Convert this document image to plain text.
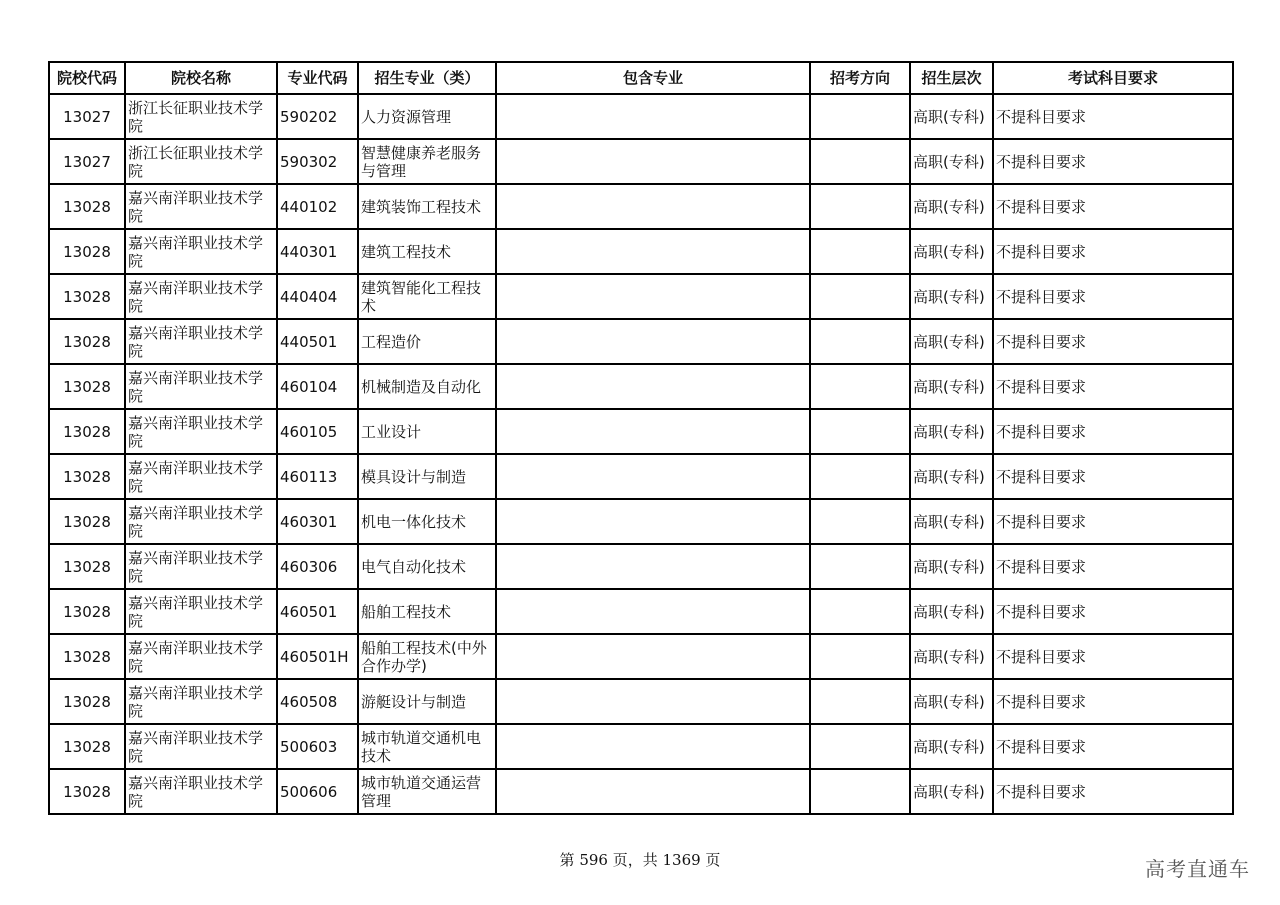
院校代码	院校名称	专业代码	招生专业（类）	包含专业	招考方向	招生层次	考试科目要求
13027	浙江长征职业技术学院	590202	人力资源管理			高职(专科)	不提科目要求
13027	浙江长征职业技术学院	590302	智慧健康养老服务与管理			高职(专科)	不提科目要求
13028	嘉兴南洋职业技术学院	440102	建筑装饰工程技术			高职(专科)	不提科目要求
13028	嘉兴南洋职业技术学院	440301	建筑工程技术			高职(专科)	不提科目要求
13028	嘉兴南洋职业技术学院	440404	建筑智能化工程技术			高职(专科)	不提科目要求
13028	嘉兴南洋职业技术学院	440501	工程造价			高职(专科)	不提科目要求
13028	嘉兴南洋职业技术学院	460104	机械制造及自动化			高职(专科)	不提科目要求
13028	嘉兴南洋职业技术学院	460105	工业设计			高职(专科)	不提科目要求
13028	嘉兴南洋职业技术学院	460113	模具设计与制造			高职(专科)	不提科目要求
13028	嘉兴南洋职业技术学院	460301	机电一体化技术			高职(专科)	不提科目要求
13028	嘉兴南洋职业技术学院	460306	电气自动化技术			高职(专科)	不提科目要求
13028	嘉兴南洋职业技术学院	460501	船舶工程技术			高职(专科)	不提科目要求
13028	嘉兴南洋职业技术学院	460501H	船舶工程技术(中外合作办学)			高职(专科)	不提科目要求
13028	嘉兴南洋职业技术学院	460508	游艇设计与制造			高职(专科)	不提科目要求
13028	嘉兴南洋职业技术学院	500603	城市轨道交通机电技术			高职(专科)	不提科目要求
13028	嘉兴南洋职业技术学院	500606	城市轨道交通运营管理			高职(专科)	不提科目要求
第 596 页，共 1369 页	高考直通车
